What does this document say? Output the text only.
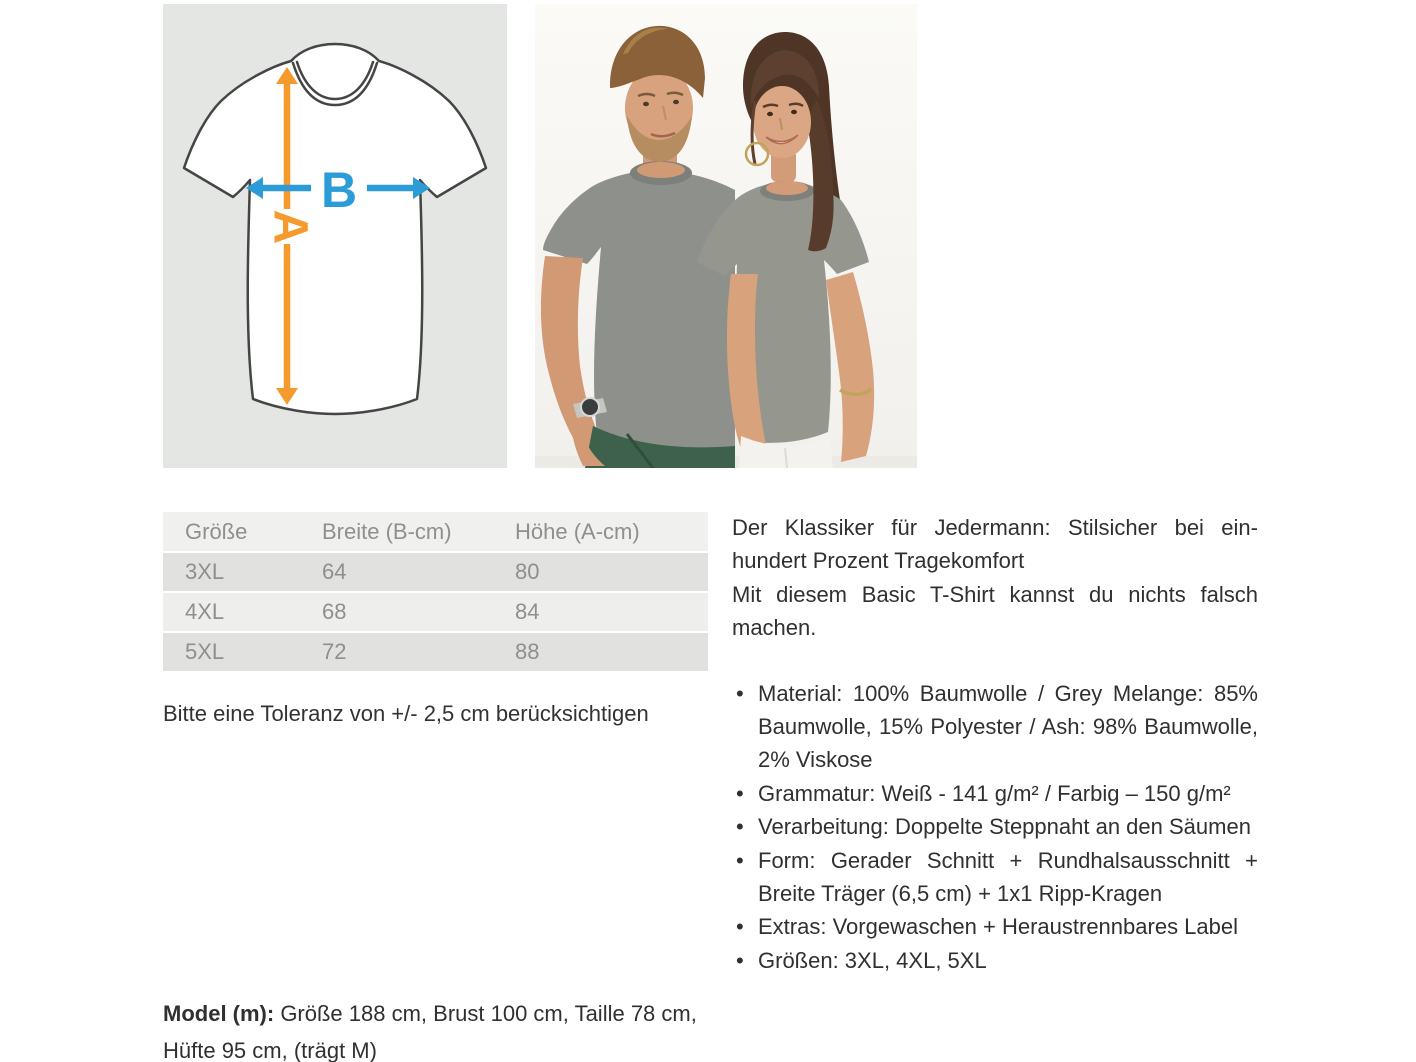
A
B
Größe	Breite (B-cm)	Höhe (A-cm)
3XL	64	80
4XL	68	84
5XL	72	88
Bitte eine Toleranz von +/- 2,5 cm berücksichtigen
Model (m): Größe 188 cm, Brust 100 cm, Taille 78 cm, Hüfte 95 cm, (trägt M)
Der Klassiker für Jedermann: Stilsicher bei ein-
hundert Prozent Tragekomfort
Mit diesem Basic T-Shirt kannst du nichts falsch machen.
• Material: 100% Baumwolle / Grey Melange: 85% Baumwolle, 15% Polyester / Ash: 98% Baumwolle, 2% Viskose
• Grammatur: Weiß - 141 g/m² / Farbig – 150 g/m²
• Verarbeitung: Doppelte Steppnaht an den Säumen
• Form: Gerader Schnitt + Rundhalsausschnitt + Breite Träger (6,5 cm) + 1x1 Ripp-Kragen
• Extras: Vorgewaschen + Heraustrennbares Label
• Größen: 3XL, 4XL, 5XL
